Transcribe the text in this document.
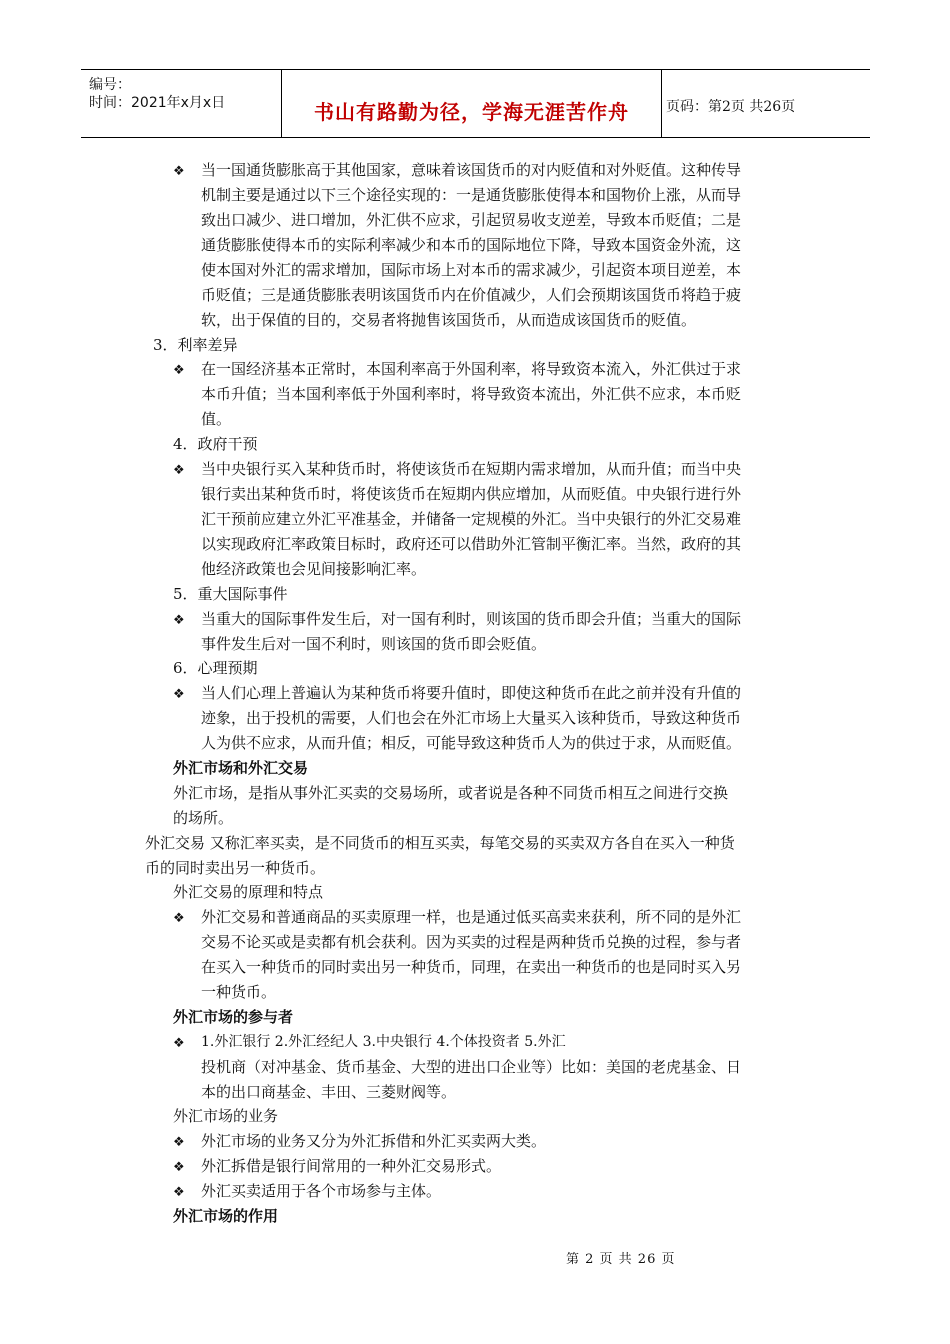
编号：
时间：2021年x月x日	书山有路勤为径，学海无涯苦作舟	页码：第2页 共26页
❖
❖
❖
❖
❖
❖
❖
❖
❖
❖
当一国通货膨胀高于其他国家，意味着该国货币的对内贬值和对外贬值。这种传导
机制主要是通过以下三个途径实现的：一是通货膨胀使得本和国物价上涨，从而导
致出口减少、进口增加，外汇供不应求，引起贸易收支逆差，导致本币贬值；二是
通货膨胀使得本币的实际利率减少和本币的国际地位下降，导致本国资金外流，这
使本国对外汇的需求增加，国际市场上对本币的需求减少，引起资本项目逆差，本
币贬值；三是通货膨胀表明该国货币内在价值减少，人们会预期该国货币将趋于疲
软，出于保值的目的，交易者将抛售该国货币，从而造成该国货币的贬值。
3．利率差异
在一国经济基本正常时，本国利率高于外国利率，将导致资本流入，外汇供过于求
本币升值；当本国利率低于外国利率时，将导致资本流出，外汇供不应求，本币贬
值。
4．政府干预
当中央银行买入某种货币时，将使该货币在短期内需求增加，从而升值；而当中央
银行卖出某种货币时，将使该货币在短期内供应增加，从而贬值。中央银行进行外
汇干预前应建立外汇平准基金，并储备一定规模的外汇。当中央银行的外汇交易难
以实现政府汇率政策目标时，政府还可以借助外汇管制平衡汇率。当然，政府的其
他经济政策也会见间接影响汇率。
5．重大国际事件
当重大的国际事件发生后，对一国有利时，则该国的货币即会升值；当重大的国际
事件发生后对一国不利时，则该国的货币即会贬值。
6．心理预期
当人们心理上普遍认为某种货币将要升值时，即使这种货币在此之前并没有升值的
迹象，出于投机的需要，人们也会在外汇市场上大量买入该种货币，导致这种货币
人为供不应求，从而升值；相反，可能导致这种货币人为的供过于求，从而贬值。
外汇市场和外汇交易
外汇市场，是指从事外汇买卖的交易场所，或者说是各种不同货币相互之间进行交换
的场所。
外汇交易 又称汇率买卖，是不同货币的相互买卖，每笔交易的买卖双方各自在买入一种货
币的同时卖出另一种货币。
外汇交易的原理和特点
外汇交易和普通商品的买卖原理一样，也是通过低买高卖来获利，所不同的是外汇
交易不论买或是卖都有机会获利。因为买卖的过程是两种货币兑换的过程，参与者
在买入一种货币的同时卖出另一种货币，同理，在卖出一种货币的也是同时买入另
一种货币。
外汇市场的参与者
1.外汇银行 2.外汇经纪人 3.中央银行 4.个体投资者 5.外汇
投机商（对冲基金、货币基金、大型的进出口企业等）比如：美国的老虎基金、日
本的出口商基金、丰田、三菱财阀等。
外汇市场的业务
外汇市场的业务又分为外汇拆借和外汇买卖两大类。
外汇拆借是银行间常用的一种外汇交易形式。
外汇买卖适用于各个市场参与主体。
外汇市场的作用
第 2 页 共 26 页
